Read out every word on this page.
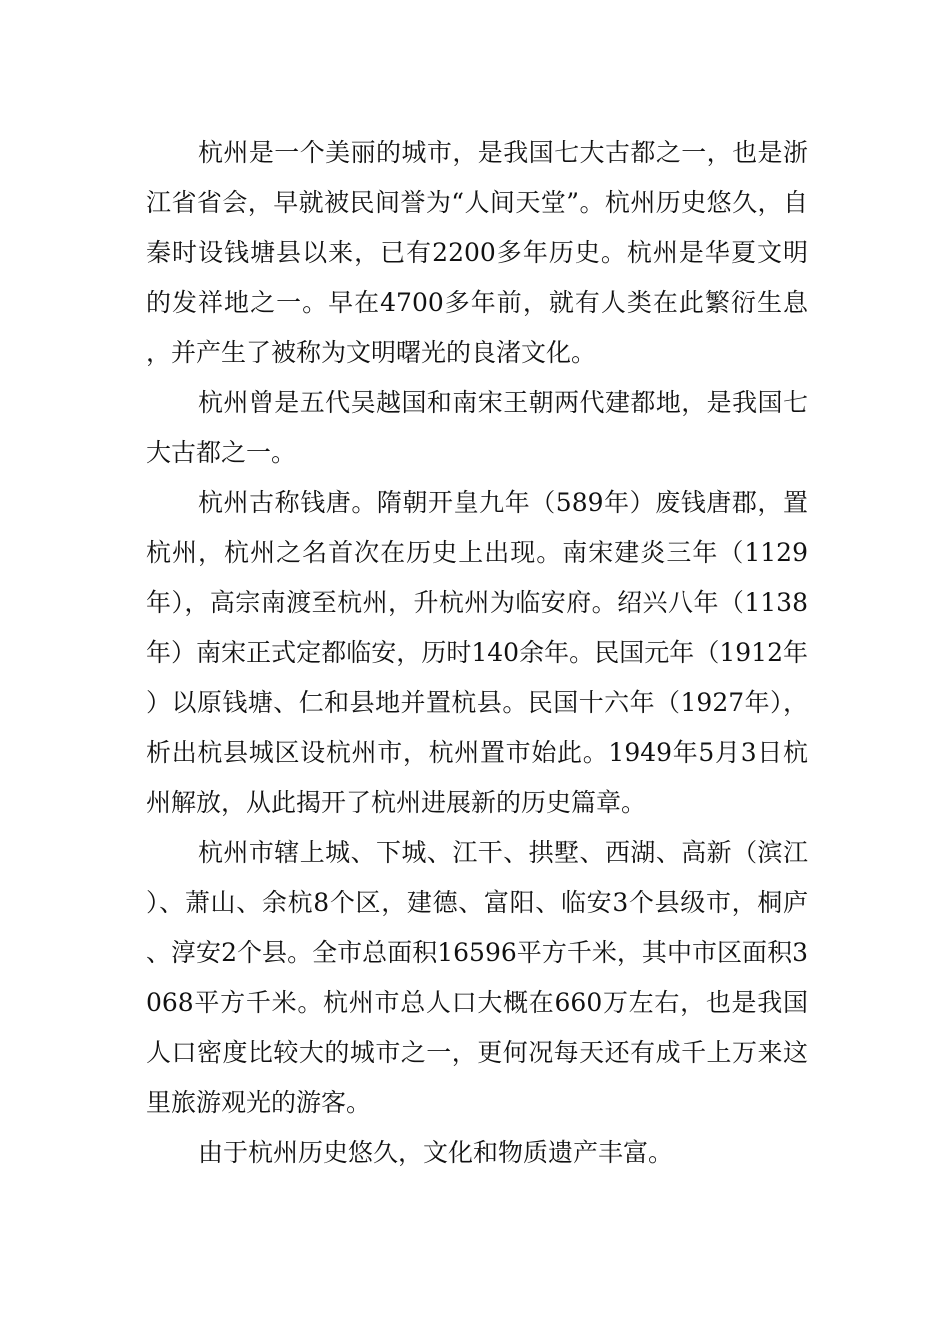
杭州是一个美丽的城市，是我国七大古都之一，也是浙江省省会，早就被民间誉为“人间天堂”。杭州历史悠久，自秦时设钱塘县以来，已有2200多年历史。杭州是华夏文明的发祥地之一。早在4700多年前，就有人类在此繁衍生息，并产生了被称为文明曙光的良渚文化。

杭州曾是五代吴越国和南宋王朝两代建都地，是我国七大古都之一。

杭州古称钱唐。隋朝开皇九年（589年）废钱唐郡，置杭州，杭州之名首次在历史上出现。南宋建炎三年（1129年），高宗南渡至杭州，升杭州为临安府。绍兴八年（1138年）南宋正式定都临安，历时140余年。民国元年（1912年）以原钱塘、仁和县地并置杭县。民国十六年（1927年），析出杭县城区设杭州市，杭州置市始此。1949年5月3日杭州解放，从此揭开了杭州进展新的历史篇章。

杭州市辖上城、下城、江干、拱墅、西湖、高新（滨江）、萧山、余杭8个区，建德、富阳、临安3个县级市，桐庐、淳安2个县。全市总面积16596平方千米，其中市区面积3068平方千米。杭州市总人口大概在660万左右，也是我国人口密度比较大的城市之一，更何况每天还有成千上万来这里旅游观光的游客。

由于杭州历史悠久，文化和物质遗产丰富。
